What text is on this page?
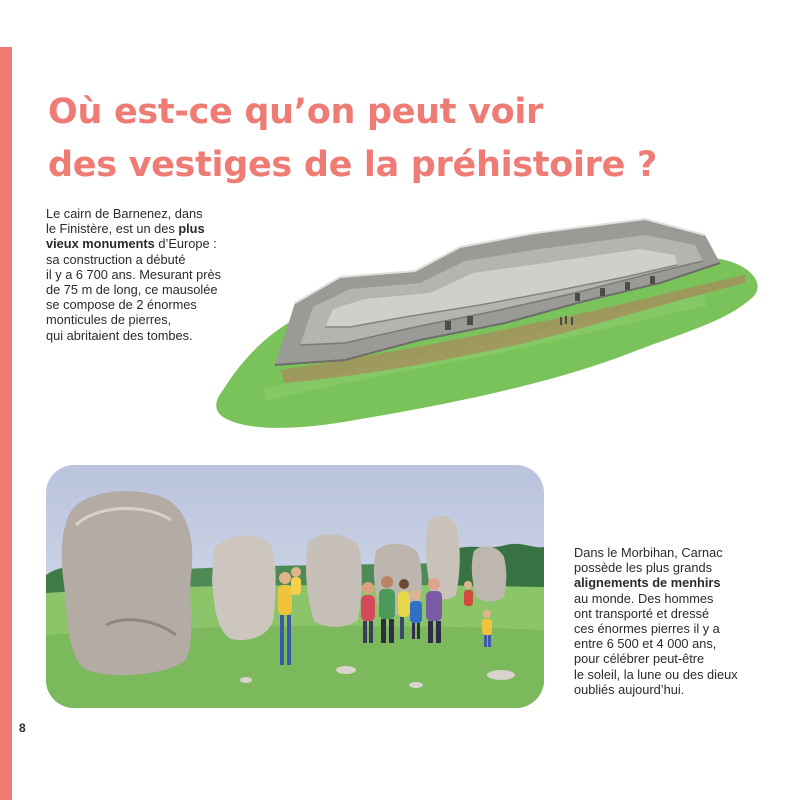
Où est-ce qu’on peut voir
des vestiges de la préhistoire ?
Le cairn de Barnenez, dans
le Finistère, est un des plus
vieux monuments d’Europe :
sa construction a débuté
il y a 6 700 ans. Mesurant près
de 75 m de long, ce mausolée
se compose de 2 énormes
monticules de pierres,
qui abritaient des tombes.
Dans le Morbihan, Carnac
possède les plus grands
alignements de menhirs
au monde. Des hommes
ont transporté et dressé
ces énormes pierres il y a
entre 6 500 et 4 000 ans,
pour célébrer peut-être
le soleil, la lune ou des dieux
oubliés aujourd’hui.
8
